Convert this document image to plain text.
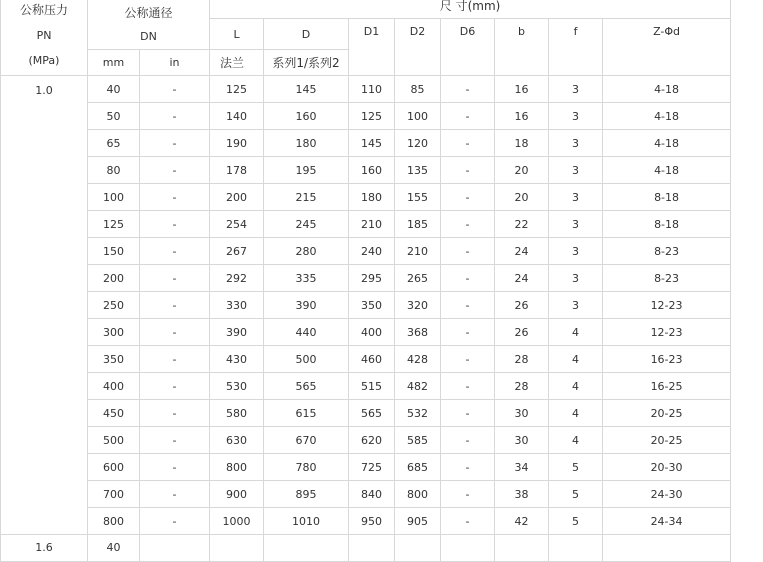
公称压力
PN
(MPa)	公称通径
DN		尺 寸(mm)							
			L	D	D1	D2	D6	b	f	Z-Φd
	mm	in	法兰	系列1/系列2						
1.0	40	-	125	145	110	85	-	16	3	4-18
	50	-	140	160	125	100	-	16	3	4-18
	65	-	190	180	145	120	-	18	3	4-18
	80	-	178	195	160	135	-	20	3	4-18
	100	-	200	215	180	155	-	20	3	8-18
	125	-	254	245	210	185	-	22	3	8-18
	150	-	267	280	240	210	-	24	3	8-23
	200	-	292	335	295	265	-	24	3	8-23
	250	-	330	390	350	320	-	26	3	12-23
	300	-	390	440	400	368	-	26	4	12-23
	350	-	430	500	460	428	-	28	4	16-23
	400	-	530	565	515	482	-	28	4	16-25
	450	-	580	615	565	532	-	30	4	20-25
	500	-	630	670	620	585	-	30	4	20-25
	600	-	800	780	725	685	-	34	5	20-30
	700	-	900	895	840	800	-	38	5	24-30
	800	-	1000	1010	950	905	-	42	5	24-34
1.6	40									
